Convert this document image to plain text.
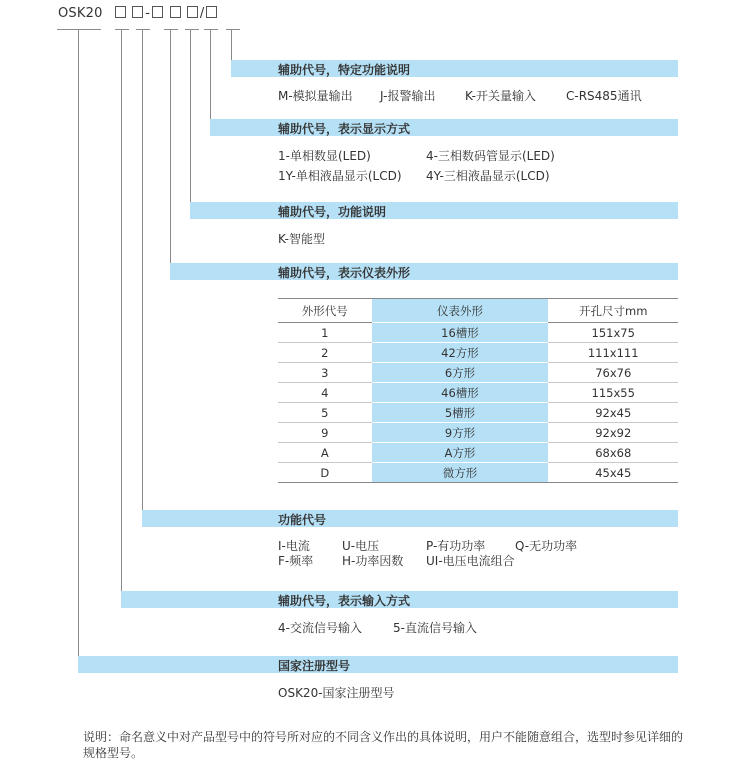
OSK20	-	/
辅助代号，特定功能说明
M-模拟量输出 J-报警输出 K-开关量输入	C-RS485通讯
辅助代号，表示显示方式
1-单相数显(LED)	4-三相数码管显示(LED)
1Y-单相液晶显示(LCD) 4Y-三相液晶显示(LCD)
辅助代号，功能说明
K-智能型
辅助代号，表示仪表外形
外形代号	仪表外形	开孔尺寸mm
1	16槽形	151x75
2	42方形	111x111
3	6方形	76x76
4	46槽形	115x55
5	5槽形	92x45
9	9方形	92x92
A	A方形	68x68
D	微方形	45x45
功能代号
I-电流	U-电压	P-有功功率 Q-无功功率
F-频率 H-功率因数 UI-电压电流组合
辅助代号，表示输入方式
4-交流信号输入	5-直流信号输入
国家注册型号
OSK20-国家注册型号
说明：命名意义中对产品型号中的符号所对应的不同含义作出的具体说明，用户不能随意组合，选型时参见详细的规格型号。
